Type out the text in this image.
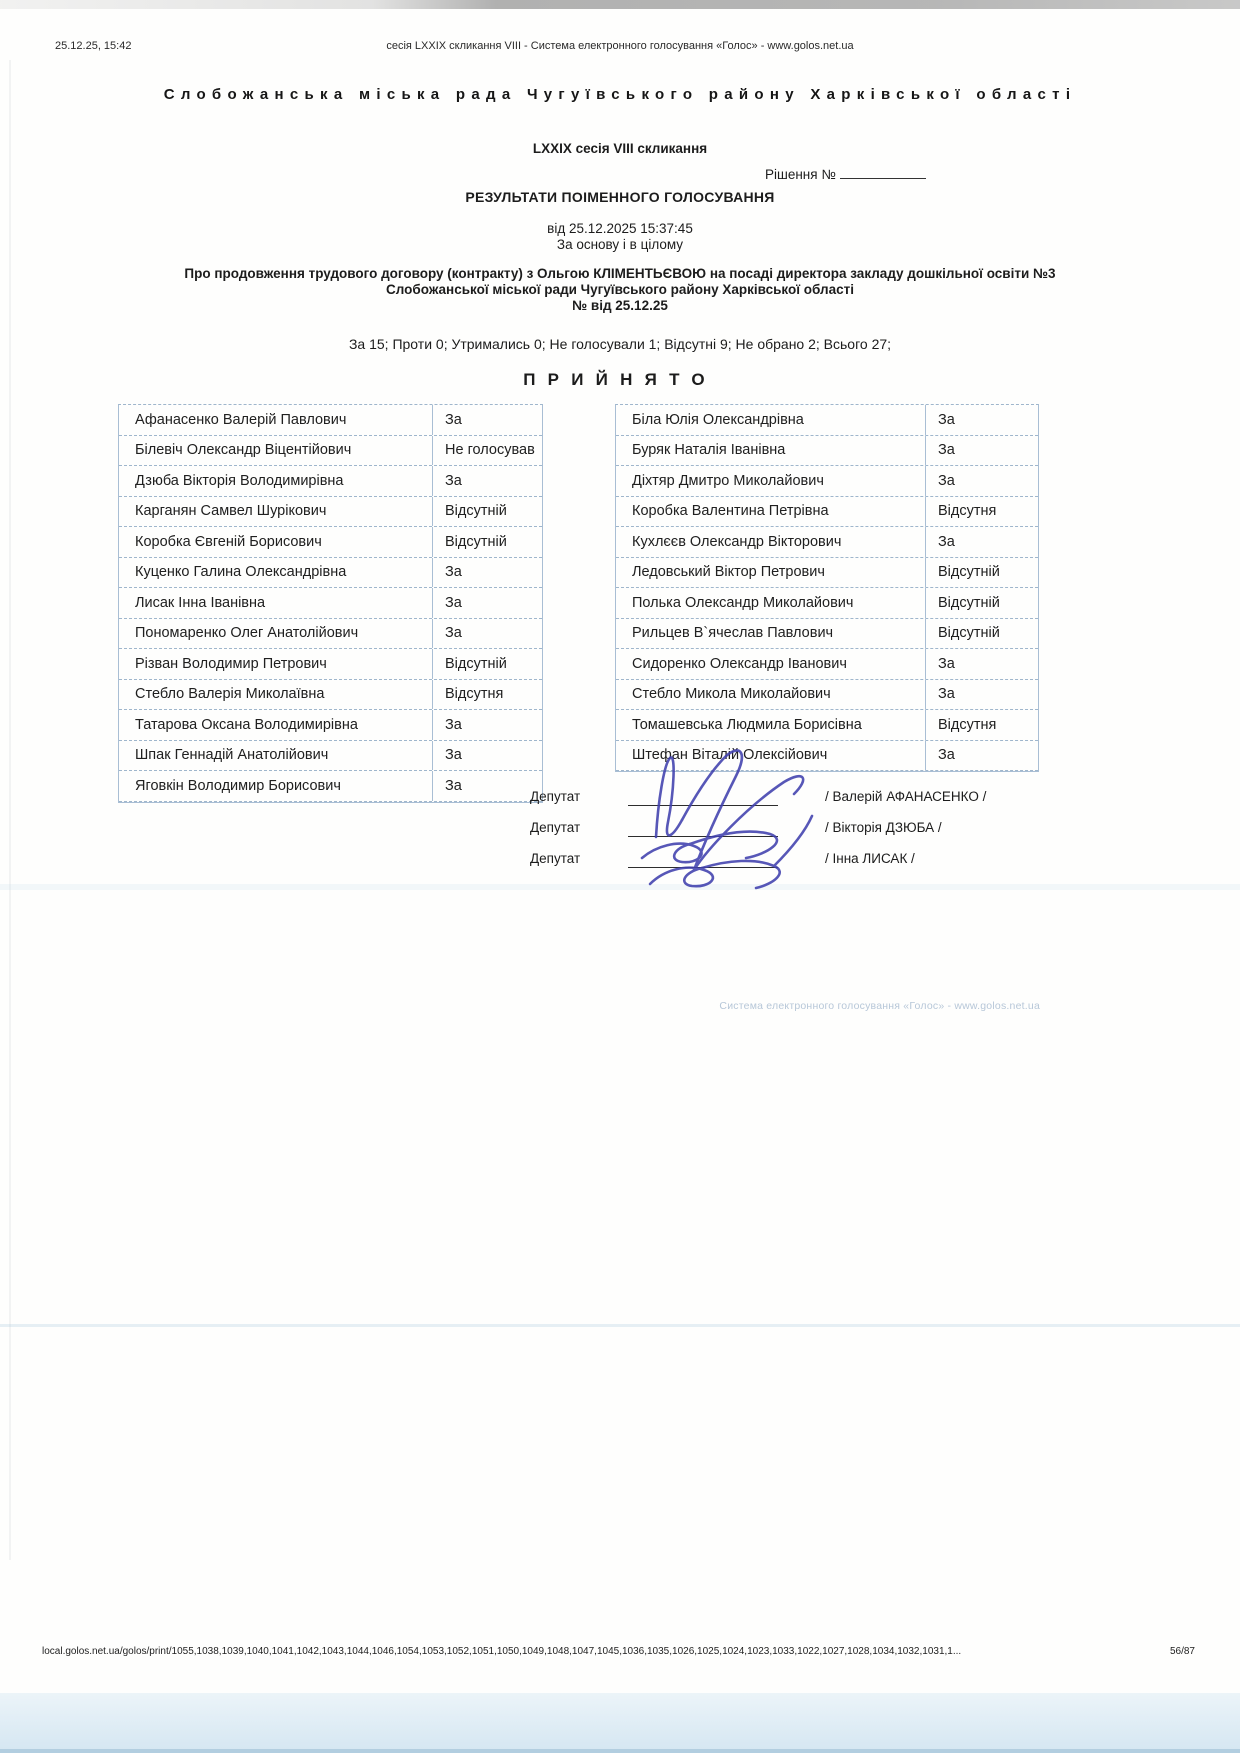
25.12.25, 15:42	сесія LXXIX скликання VIII - Система електронного голосування «Голос» - www.golos.net.ua
Слобожанська міська рада Чугуївського району Харківської області
LXXIX сесія VIII скликання
Рішення №
РЕЗУЛЬТАТИ ПОІМЕННОГО ГОЛОСУВАННЯ
від 25.12.2025 15:37:45
За основу і в цілому
Про продовження трудового договору (контракту) з Ольгою КЛІМЕНТЬЄВОЮ на посаді директора закладу дошкільної освіти №3
Слобожанської міської ради Чугуївського району Харківської області
№ від 25.12.25
За 15; Проти 0; Утримались 0; Не голосували 1; Відсутні 9; Не обрано 2; Всього 27;
ПРИЙНЯТО
Афанасенко Валерій Павлович	За
Білевіч Олександр Віцентійович	Не голосував
Дзюба Вікторія Володимирівна	За
Карганян Самвел Шурікович	Відсутній
Коробка Євгеній Борисович	Відсутній
Куценко Галина Олександрівна	За
Лисак Інна Іванівна	За
Пономаренко Олег Анатолійович	За
Різван Володимир Петрович	Відсутній
Стебло Валерія Миколаївна	Відсутня
Татарова Оксана Володимирівна	За
Шпак Геннадій Анатолійович	За
Яговкін Володимир Борисович	За
Біла Юлія Олександрівна	За
Буряк Наталія Іванівна	За
Діхтяр Дмитро Миколайович	За
Коробка Валентина Петрівна	Відсутня
Кухлєєв Олександр Вікторович	За
Ледовський Віктор Петрович	Відсутній
Полька Олександр Миколайович	Відсутній
Рильцев В`ячеслав Павлович	Відсутній
Сидоренко Олександр Іванович	За
Стебло Микола Миколайович	За
Томашевська Людмила Борисівна	Відсутня
Штефан Віталій Олексійович	За
Депутат	/ Валерій АФАНАСЕНКО /
Депутат	/ Вікторія ДЗЮБА /
Депутат	/ Інна ЛИСАК /
Система електронного голосування «Голос» - www.golos.net.ua
local.golos.net.ua/golos/print/1055,1038,1039,1040,1041,1042,1043,1044,1046,1054,1053,1052,1051,1050,1049,1048,1047,1045,1036,1035,1026,1025,1024,1023,1033,1022,1027,1028,1034,1032,1031,1...	56/87
